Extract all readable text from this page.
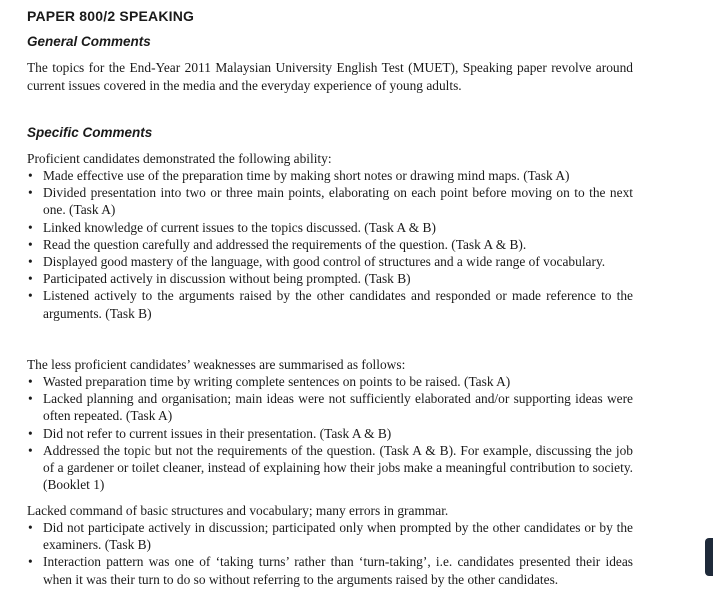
PAPER 800/2 SPEAKING
General Comments
The topics for the End-Year 2011 Malaysian University English Test (MUET), Speaking paper revolve around current issues covered in the media and the everyday experience of young adults.
Specific Comments
Proficient candidates demonstrated the following ability:
• Made effective use of the preparation time by making short notes or drawing mind maps. (Task A)
• Divided presentation into two or three main points, elaborating on each point before moving on to the next one. (Task A)
• Linked knowledge of current issues to the topics discussed. (Task A & B)
• Read the question carefully and addressed the requirements of the question. (Task A & B).
• Displayed good mastery of the language, with good control of structures and a wide range of vocabulary.
• Participated actively in discussion without being prompted. (Task B)
• Listened actively to the arguments raised by the other candidates and responded or made reference to the arguments. (Task B)
The less proficient candidates’ weaknesses are summarised as follows:
• Wasted preparation time by writing complete sentences on points to be raised. (Task A)
• Lacked planning and organisation; main ideas were not sufficiently elaborated and/or supporting ideas were often repeated. (Task A)
• Did not refer to current issues in their presentation. (Task A & B)
• Addressed the topic but not the requirements of the question. (Task A & B). For example, discussing the job of a gardener or toilet cleaner, instead of explaining how their jobs make a meaningful contribution to society. (Booklet 1)
Lacked command of basic structures and vocabulary; many errors in grammar.
• Did not participate actively in discussion; participated only when prompted by the other candidates or by the examiners. (Task B)
• Interaction pattern was one of ‘taking turns’ rather than ‘turn-taking’, i.e. candidates presented their ideas when it was their turn to do so without referring to the arguments raised by the other candidates.
